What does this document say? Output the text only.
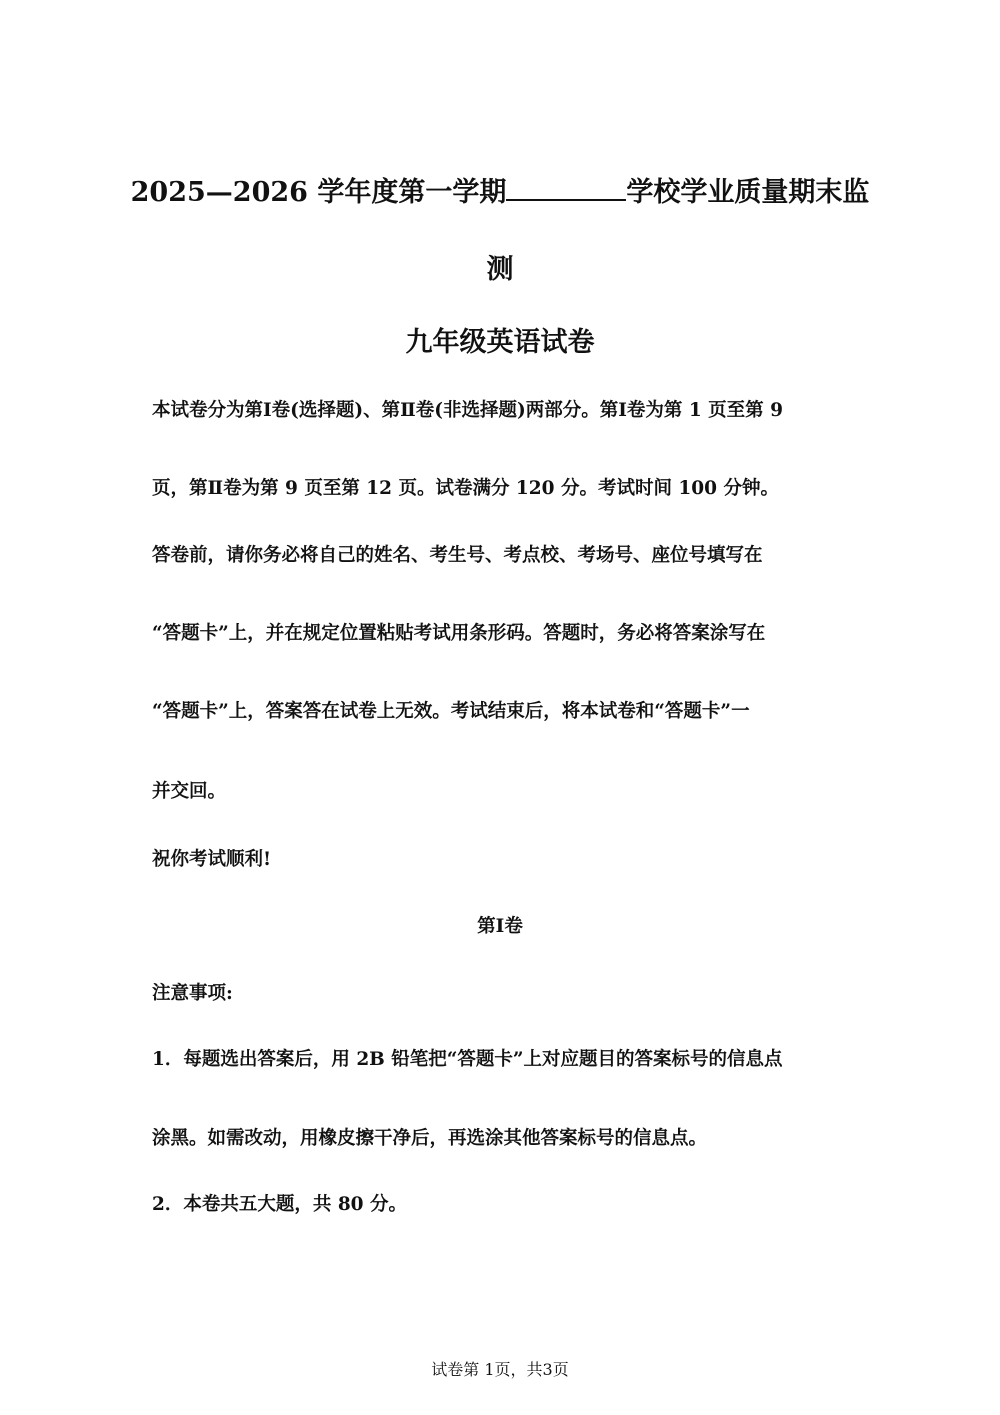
2025—2026 学年度第一学期	学校学业质量期末监
测
九年级英语试卷
本试卷分为第Ⅰ卷(选择题)、第Ⅱ卷(非选择题)两部分。第Ⅰ卷为第 1 页至第 9
页，第Ⅱ卷为第 9 页至第 12 页。试卷满分 120 分。考试时间 100 分钟。
答卷前，请你务必将自己的姓名、考生号、考点校、考场号、座位号填写在
“答题卡”上，并在规定位置粘贴考试用条形码。答题时，务必将答案涂写在
“答题卡”上，答案答在试卷上无效。考试结束后，将本试卷和“答题卡”一
并交回。
祝你考试顺利!
第Ⅰ卷
注意事项:
1．每题选出答案后，用 2B 铅笔把“答题卡”上对应题目的答案标号的信息点
涂黑。如需改动，用橡皮擦干净后，再选涂其他答案标号的信息点。
2．本卷共五大题，共 80 分。
试卷第 1页，共3页
